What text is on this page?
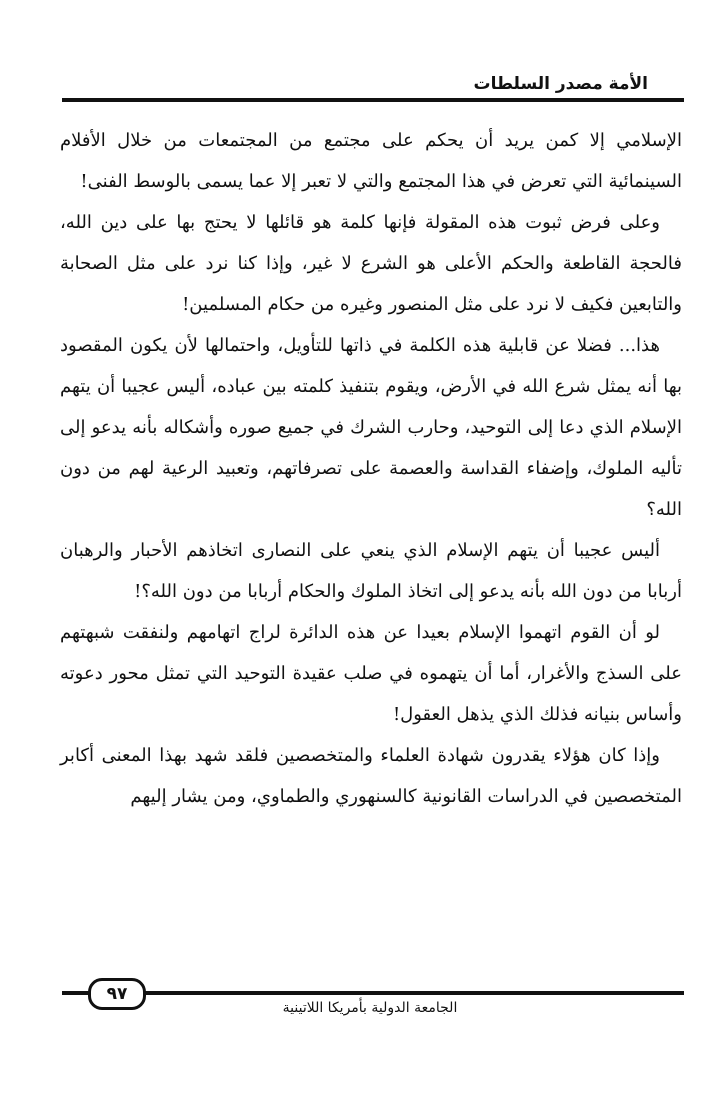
الأمة مصدر السلطات

الإسلامي إلا كمن يريد أن يحكم على مجتمع من المجتمعات من خلال الأفلام السينمائية التي تعرض في هذا المجتمع والتي لا تعبر إلا عما يسمى بالوسط الفنى!

وعلى فرض ثبوت هذه المقولة فإنها كلمة هو قائلها لا يحتج بها على دين الله، فالحجة القاطعة والحكم الأعلى هو الشرع لا غير، وإذا كنا نرد على مثل الصحابة والتابعين فكيف لا نرد على مثل المنصور وغيره من حكام المسلمين!

هذا... فضلا عن قابلية هذه الكلمة في ذاتها للتأويل، واحتمالها لأن يكون المقصود بها أنه يمثل شرع الله في الأرض، ويقوم بتنفيذ كلمته بين عباده، أليس عجيبا أن يتهم الإسلام الذي دعا إلى التوحيد، وحارب الشرك في جميع صوره وأشكاله بأنه يدعو إلى تأليه الملوك، وإضفاء القداسة والعصمة على تصرفاتهم، وتعبيد الرعية لهم من دون الله؟

أليس عجيبا أن يتهم الإسلام الذي ينعي على النصارى اتخاذهم الأحبار والرهبان أربابا من دون الله بأنه يدعو إلى اتخاذ الملوك والحكام أربابا من دون الله؟!

لو أن القوم اتهموا الإسلام بعيدا عن هذه الدائرة لراج اتهامهم ولنفقت شبهتهم على السذج والأغرار، أما أن يتهموه في صلب عقيدة التوحيد التي تمثل محور دعوته وأساس بنيانه فذلك الذي يذهل العقول!

وإذا كان هؤلاء يقدرون شهادة العلماء والمتخصصين فلقد شهد بهذا المعنى أكابر المتخصصين في الدراسات القانونية كالسنهوري والطماوي، ومن يشار إليهم

٩٧
الجامعة الدولية بأمريكا اللاتينية
